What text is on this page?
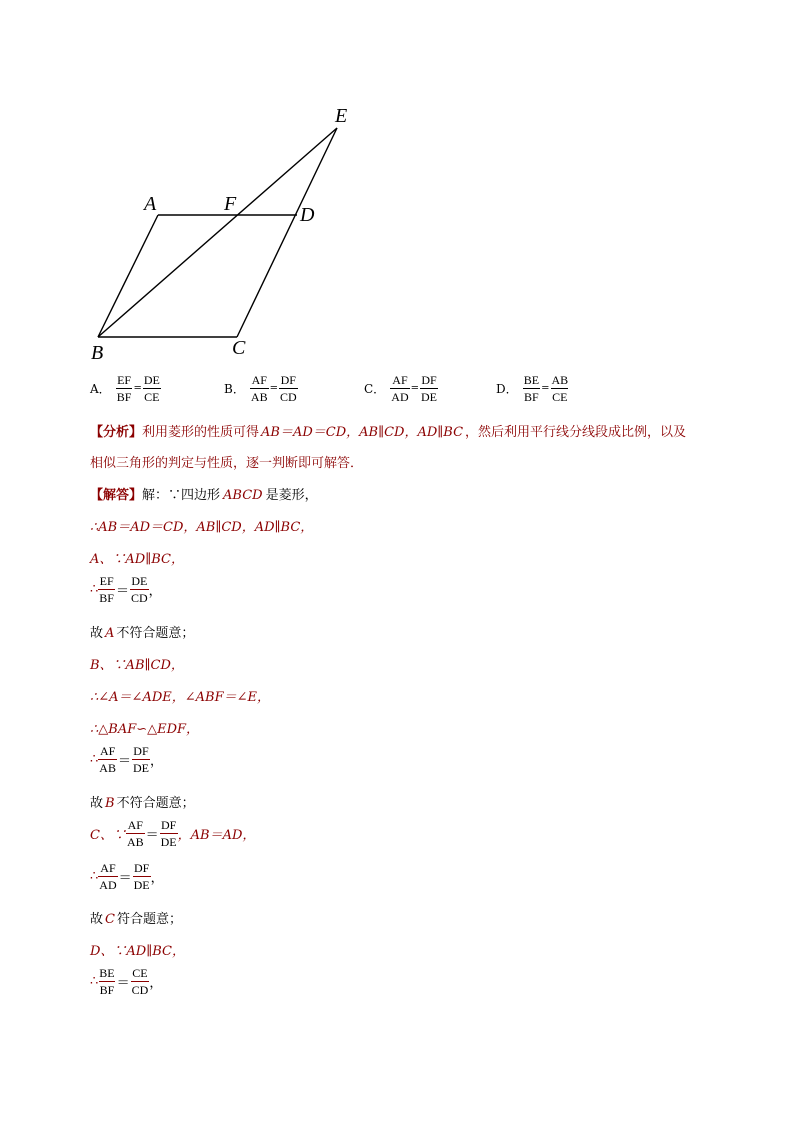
E
A	F	D
B	C
A． $\frac{EF}{BF} = \frac{DE}{CE}$	B． $\frac{AF}{AB} = \frac{DF}{CD}$	C． $\frac{AF}{AD} = \frac{DF}{DE}$	D． $\frac{BE}{BF} = \frac{AB}{CE}$
【分析】利用菱形的性质可得 AB＝AD＝CD，AB∥CD，AD∥BC ，然后利用平行线分线段成比例，以及
相似三角形的判定与性质，逐一判断即可解答．
【解答】解：∵四边形 ABCD 是菱形，
∴AB＝AD＝CD，AB∥CD，AD∥BC，
A、∵AD∥BC，
∴ $\frac{EF}{BF} = \frac{DE}{CD}$ ，
故 A 不符合题意；
B、∵AB∥CD，
∴∠A＝∠ADE，∠ABF＝∠E，
∴△BAF∽△EDF，
∴ $\frac{AF}{AB} = \frac{DF}{DE}$ ，
故 B 不符合题意；
C、∵ $\frac{AF}{AB} = \frac{DF}{DE}$ ，AB＝AD，
∴ $\frac{AF}{AD} = \frac{DF}{DE}$ ，
故 C 符合题意；
D、∵AD∥BC，
∴ $\frac{BE}{BF} = \frac{CE}{CD}$ ，
